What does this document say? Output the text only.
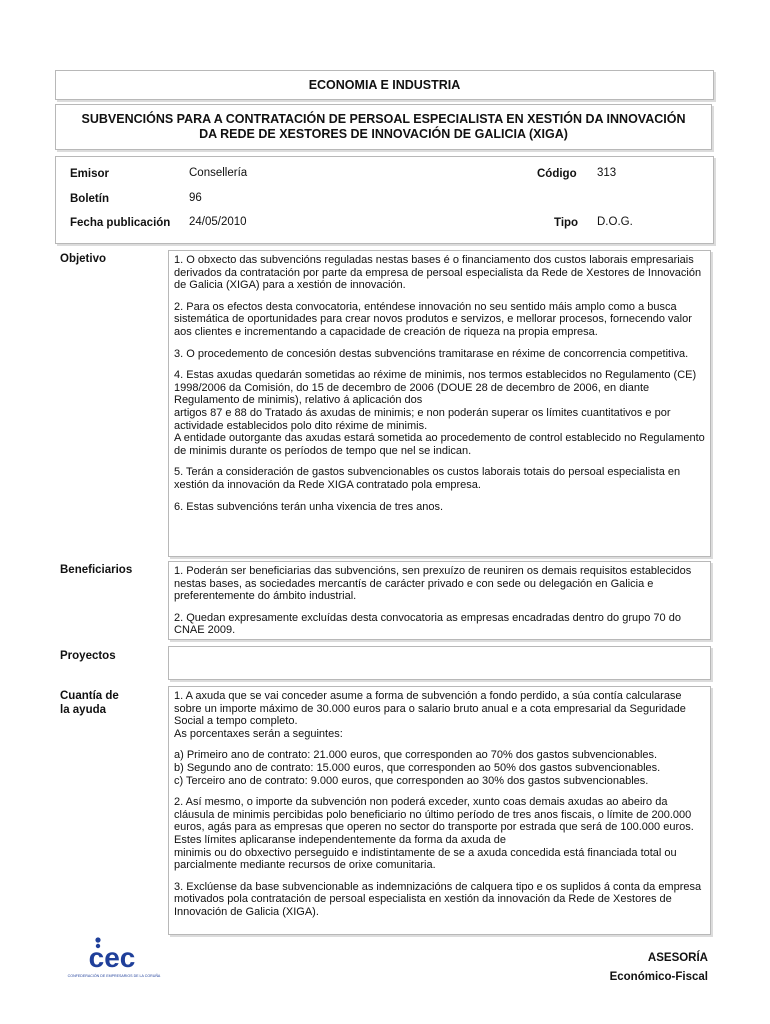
ECONOMIA E INDUSTRIA
SUBVENCIÓNS PARA A CONTRATACIÓN DE PERSOAL ESPECIALISTA EN XESTIÓN DA INNOVACIÓN DA REDE DE XESTORES DE INNOVACIÓN DE GALICIA (XIGA)
Emisor	Consellería	Código 313
Boletín	96
Fecha publicación 24/05/2010	Tipo D.O.G.
Objetivo	1. O obxecto das subvencións reguladas nestas bases é o financiamento dos custos laborais empresariais derivados da contratación por parte da empresa de persoal especialista da Rede de Xestores de Innovación de Galicia (XIGA) para a xestión de innovación.

2. Para os efectos desta convocatoria, enténdese innovación no seu sentido máis amplo como a busca sistemática de oportunidades para crear novos produtos e servizos, e mellorar procesos, fornecendo valor aos clientes e incrementando a capacidade de creación de riqueza na propia empresa.

3. O procedemento de concesión destas subvencións tramitarase en réxime de concorrencia competitiva.

4. Estas axudas quedarán sometidas ao réxime de minimis, nos termos establecidos no Regulamento (CE) 1998/2006 da Comisión, do 15 de decembro de 2006 (DOUE 28 de decembro de 2006, en diante Regulamento de minimis), relativo á aplicación dos
artigos 87 e 88 do Tratado ás axudas de minimis; e non poderán superar os límites cuantitativos e por actividade establecidos polo dito réxime de minimis.
A entidade outorgante das axudas estará sometida ao procedemento de control establecido no Regulamento de minimis durante os períodos de tempo que nel se indican.

5. Terán a consideración de gastos subvencionables os custos laborais totais do persoal especialista en xestión da innovación da Rede XIGA contratado pola empresa.

6. Estas subvencións terán unha vixencia de tres anos.

Beneficiarios	1. Poderán ser beneficiarias das subvencións, sen prexuízo de reuniren os demais requisitos establecidos nestas bases, as sociedades mercantís de carácter privado e con sede ou delegación en Galicia e preferentemente do ámbito industrial.

2. Quedan expresamente excluídas desta convocatoria as empresas encadradas dentro do grupo 70 do CNAE 2009.

Proyectos
Cuantía de
la ayuda

1. A axuda que se vai conceder asume a forma de subvención a fondo perdido, a súa contía calcularase sobre un importe máximo de 30.000 euros para o salario bruto anual e a cota empresarial da Seguridade Social a tempo completo.
As porcentaxes serán a seguintes:

a) Primeiro ano de contrato: 21.000 euros, que corresponden ao 70% dos gastos subvencionables.
b) Segundo ano de contrato: 15.000 euros, que corresponden ao 50% dos gastos subvencionables.
c) Terceiro ano de contrato: 9.000 euros, que corresponden ao 30% dos gastos subvencionables.

2. Así mesmo, o importe da subvención non poderá exceder, xunto coas demais axudas ao abeiro da cláusula de minimis percibidas polo beneficiario no último período de tres anos fiscais, o límite de 200.000 euros, agás para as empresas que operen no sector do transporte por estrada que será de 100.000 euros. Estes límites aplicaranse independentemente da forma da axuda de
minimis ou do obxectivo perseguido e indistintamente de se a axuda concedida está financiada total ou parcialmente mediante recursos de orixe comunitaria.

3. Exclúense da base subvencionable as indemnizacións de calquera tipo e os suplidos á conta da empresa motivados pola contratación de persoal especialista en xestión da innovación da Rede de Xestores de Innovación de Galicia (XIGA).

cec
CONFEDERACIÓN DE EMPRESARIOS DE LA CORUÑA
ASESORÍA
Económico-Fiscal
